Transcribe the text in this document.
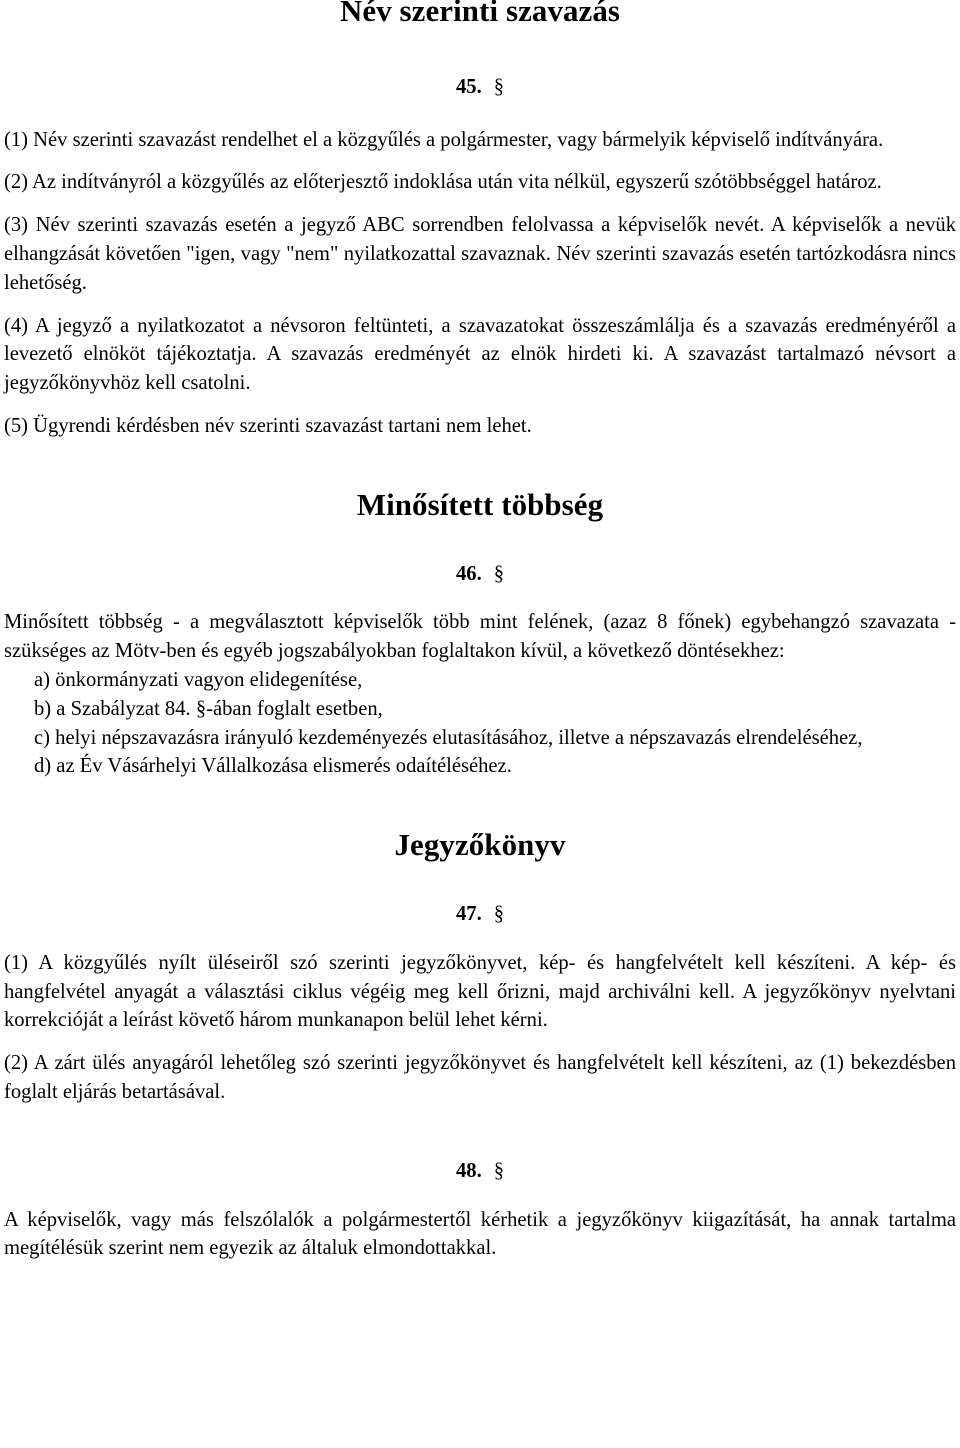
Név szerinti szavazás
45. §

(1) Név szerinti szavazást rendelhet el a közgyűlés a polgármester, vagy bármelyik képviselő indítványára.

(2) Az indítványról a közgyűlés az előterjesztő indoklása után vita nélkül, egyszerű szótöbbséggel határoz.

(3) Név szerinti szavazás esetén a jegyző ABC sorrendben felolvassa a képviselők nevét. A képviselők a nevük elhangzását követően "igen, vagy "nem" nyilatkozattal szavaznak. Név szerinti szavazás esetén tartózkodásra nincs lehetőség.

(4) A jegyző a nyilatkozatot a névsoron feltünteti, a szavazatokat összeszámlálja és a szavazás eredményéről a levezető elnököt tájékoztatja. A szavazás eredményét az elnök hirdeti ki. A szavazást tartalmazó névsort a jegyzőkönyvhöz kell csatolni.

(5) Ügyrendi kérdésben név szerinti szavazást tartani nem lehet.

Minősített többség
46. §

Minősített többség - a megválasztott képviselők több mint felének, (azaz 8 főnek) egybehangzó szavazata - szükséges az Mötv-ben és egyéb jogszabályokban foglaltakon kívül, a következő döntésekhez:

a) önkormányzati vagyon elidegenítése,

b) a Szabályzat 84. §-ában foglalt esetben,

c) helyi népszavazásra irányuló kezdeményezés elutasításához, illetve a népszavazás elrendeléséhez,

d) az Év Vásárhelyi Vállalkozása elismerés odaítéléséhez.

Jegyzőkönyv
47. §

(1) A közgyűlés nyílt üléseiről szó szerinti jegyzőkönyvet, kép- és hangfelvételt kell készíteni. A kép- és hangfelvétel anyagát a választási ciklus végéig meg kell őrizni, majd archiválni kell. A jegyzőkönyv nyelvtani korrekcióját a leírást követő három munkanapon belül lehet kérni.

(2) A zárt ülés anyagáról lehetőleg szó szerinti jegyzőkönyvet és hangfelvételt kell készíteni, az (1) bekezdésben foglalt eljárás betartásával.

48. §

A képviselők, vagy más felszólalók a polgármestertől kérhetik a jegyzőkönyv kiigazítását, ha annak tartalma megítélésük szerint nem egyezik az általuk elmondottakkal.
